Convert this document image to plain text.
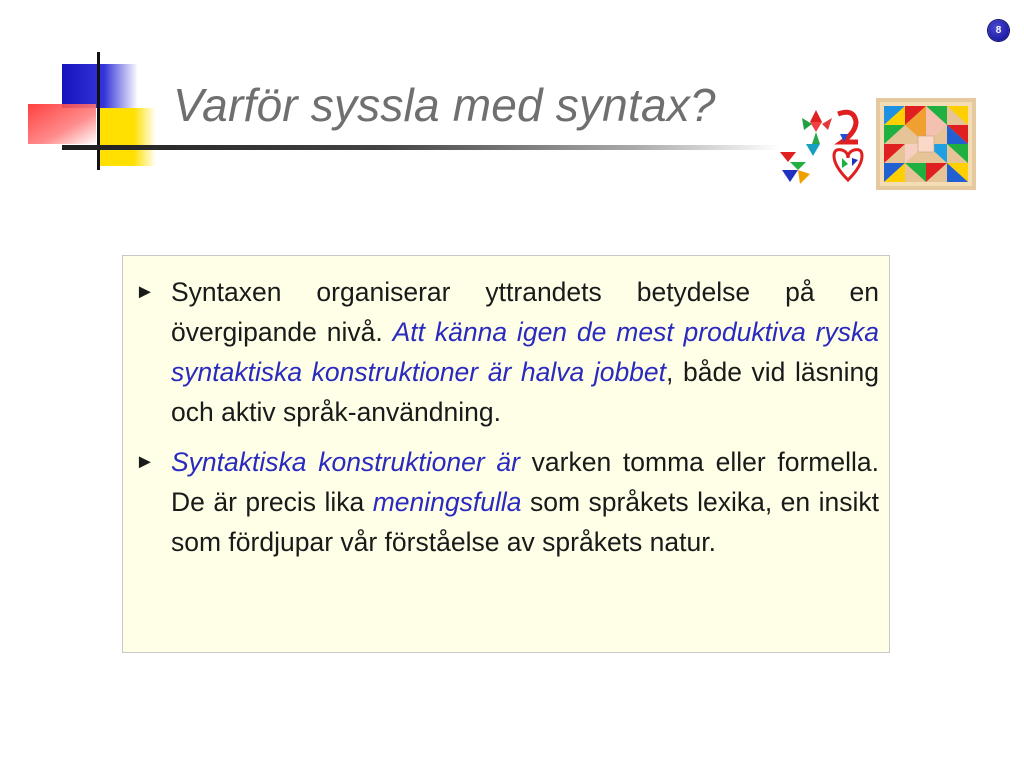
Varför syssla med syntax?
8
► Syntaxen organiserar yttrandets betydelse på en övergipande nivå. Att känna igen de mest produktiva ryska syntaktiska konstruktioner är halva jobbet, både vid läsning och aktiv språk-användning.

► Syntaktiska konstruktioner är varken tomma eller formella. De är precis lika meningsfulla som språkets lexika, en insikt som fördjupar vår förståelse av språkets natur.
